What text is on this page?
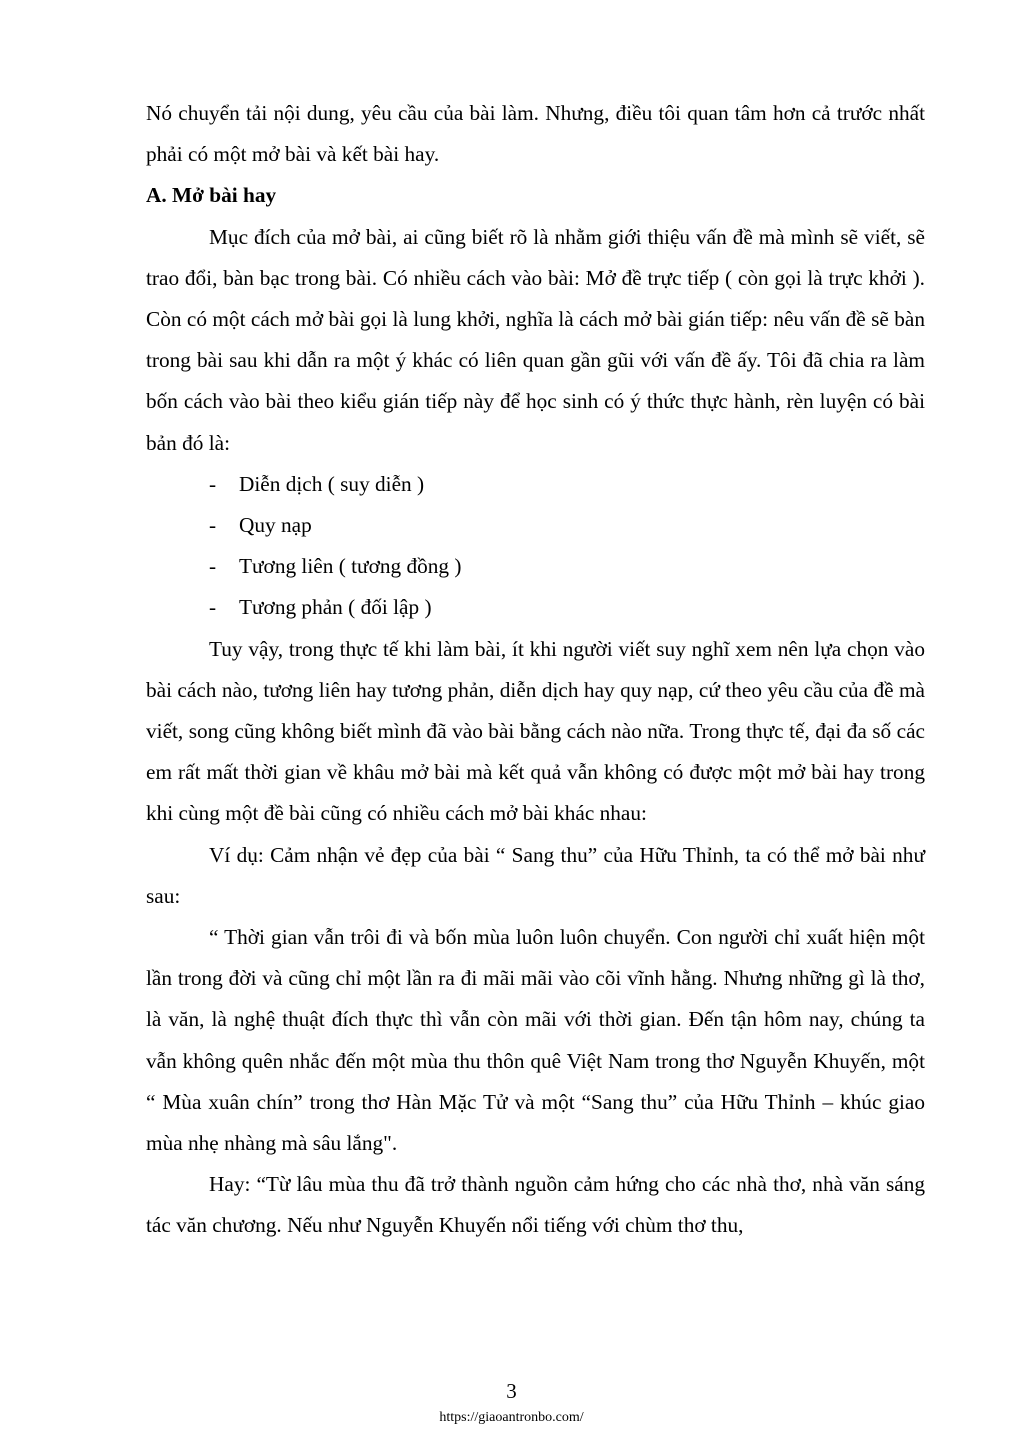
Nó chuyển tải nội dung, yêu cầu của bài làm. Nhưng, điều tôi quan tâm hơn cả trước nhất phải có một mở bài và kết bài hay.

A. Mở bài hay

Mục đích của mở bài, ai cũng biết rõ là nhằm giới thiệu vấn đề mà mình sẽ viết, sẽ trao đổi, bàn bạc trong bài. Có nhiều cách vào bài: Mở đề trực tiếp ( còn gọi là trực khởi ). Còn có một cách mở bài gọi là lung khởi, nghĩa là cách mở bài gián tiếp: nêu vấn đề sẽ bàn trong bài sau khi dẫn ra một ý khác có liên quan gần gũi với vấn đề ấy. Tôi đã chia ra làm bốn cách vào bài theo kiểu gián tiếp này để học sinh có ý thức thực hành, rèn luyện có bài bản đó là:

- Diễn dịch ( suy diễn )
- Quy nạp
- Tương liên ( tương đồng )
- Tương phản ( đối lập )

Tuy vậy, trong thực tế khi làm bài, ít khi người viết suy nghĩ xem nên lựa chọn vào bài cách nào, tương liên hay tương phản, diễn dịch hay quy nạp, cứ theo yêu cầu của đề mà viết, song cũng không biết mình đã vào bài bằng cách nào nữa. Trong thực tế, đại đa số các em rất mất thời gian về khâu mở bài mà kết quả vẫn không có được một mở bài hay trong khi cùng một đề bài cũng có nhiều cách mở bài khác nhau:

Ví dụ: Cảm nhận vẻ đẹp của bài “ Sang thu” của Hữu Thỉnh, ta có thể mở bài như sau:

“ Thời gian vẫn trôi đi và bốn mùa luôn luôn chuyển. Con người chỉ xuất hiện một lần trong đời và cũng chỉ một lần ra đi mãi mãi vào cõi vĩnh hằng. Nhưng những gì là thơ, là văn, là nghệ thuật đích thực thì vẫn còn mãi với thời gian. Đến tận hôm nay, chúng ta vẫn không quên nhắc đến một mùa thu thôn quê Việt Nam trong thơ Nguyễn Khuyến, một “ Mùa xuân chín” trong thơ Hàn Mặc Tử và một “Sang thu” của Hữu Thỉnh – khúc giao mùa nhẹ nhàng mà sâu lắng".

Hay: “Từ lâu mùa thu đã trở thành nguồn cảm hứng cho các nhà thơ, nhà văn sáng tác văn chương. Nếu như Nguyễn Khuyến nổi tiếng với chùm thơ thu,

3
https://giaoantronbo.com/
